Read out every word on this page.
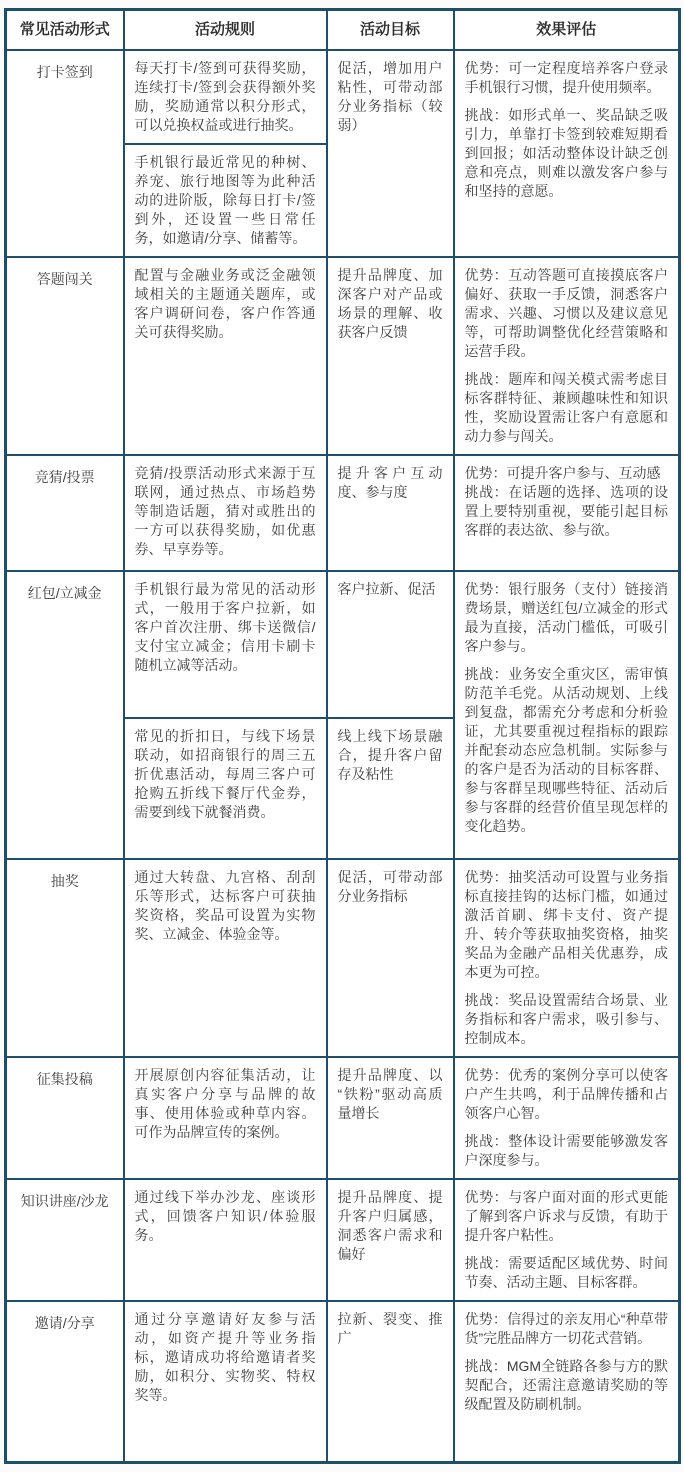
常见活动形式	活动规则	活动目标	效果评估
打卡签到	每天打卡/签到可获得奖励，连续打卡/签到会获得额外奖励，奖励通常以积分形式，可以兑换权益或进行抽奖。	促活，增加用户粘性，可带动部分业务指标（较弱）	优势：可一定程度培养客户登录手机银行习惯，提升使用频率。

挑战：如形式单一、奖品缺乏吸引力，单靠打卡签到较难短期看到回报；如活动整体设计缺乏创意和亮点，则难以激发客户参与和坚持的意愿。

	手机银行最近常见的种树、养宠、旅行地图等为此种活动的进阶版，除每日打卡/签到外，还设置一些日常任务，如邀请/分享、储蓄等。		
答题闯关	配置与金融业务或泛金融领域相关的主题通关题库，或客户调研问卷，客户作答通关可获得奖励。	提升品牌度、加深客户对产品或场景的理解、收获客户反馈	优势：互动答题可直接摸底客户偏好、获取一手反馈，洞悉客户需求、兴趣、习惯以及建议意见等，可帮助调整优化经营策略和运营手段。

挑战：题库和闯关模式需考虑目标客群特征、兼顾趣味性和知识性，奖励设置需让客户有意愿和动力参与闯关。

竞猜/投票	竞猜/投票活动形式来源于互联网，通过热点、市场趋势等制造话题，猜对或胜出的一方可以获得奖励，如优惠券、早享券等。	提升客户互动度、参与度	优势：可提升客户参与、互动感

挑战：在话题的选择、选项的设置上要特别重视，要能引起目标客群的表达欲、参与欲。

红包/立减金	手机银行最为常见的活动形式，一般用于客户拉新，如客户首次注册、绑卡送微信/支付宝立减金；信用卡刷卡随机立减等活动。	客户拉新、促活	优势：银行服务（支付）链接消费场景，赠送红包/立减金的形式最为直接，活动门槛低，可吸引客户参与。

挑战：业务安全重灾区，需审慎防范羊毛党。从活动规划、上线到复盘，都需充分考虑和分析验证，尤其要重视过程指标的跟踪并配套动态应急机制。实际参与的客户是否为活动的目标客群、参与客群呈现哪些特征、活动后参与客群的经营价值呈现怎样的变化趋势。

	常见的折扣日，与线下场景联动，如招商银行的周三五折优惠活动，每周三客户可抢购五折线下餐厅代金券，需要到线下就餐消费。	线上线下场景融合，提升客户留存及粘性	
抽奖	通过大转盘、九宫格、刮刮乐等形式，达标客户可获抽奖资格，奖品可设置为实物奖、立减金、体验金等。	促活，可带动部分业务指标	优势：抽奖活动可设置与业务指标直接挂钩的达标门槛，如通过激活首刷、绑卡支付、资产提升、转介等获取抽奖资格，抽奖奖品为金融产品相关优惠券，成本更为可控。

挑战：奖品设置需结合场景、业务指标和客户需求，吸引参与、控制成本。

征集投稿	开展原创内容征集活动，让真实客户分享与品牌的故事、使用体验或种草内容。可作为品牌宣传的案例。	提升品牌度、以“铁粉”驱动高质量增长	优势：优秀的案例分享可以使客户产生共鸣，利于品牌传播和占领客户心智。

挑战：整体设计需要能够激发客户深度参与。

知识讲座/沙龙	通过线下举办沙龙、座谈形式，回馈客户知识/体验服务。	提升品牌度、提升客户归属感，洞悉客户需求和偏好	优势：与客户面对面的形式更能了解到客户诉求与反馈，有助于提升客户粘性。

挑战：需要适配区域优势、时间节奏、活动主题、目标客群。

邀请/分享	通过分享邀请好友参与活动，如资产提升等业务指标，邀请成功将给邀请者奖励，如积分、实物奖、特权奖等。	拉新、裂变、推广	优势：信得过的亲友用心“种草带货”完胜品牌方一切花式营销。

挑战：MGM全链路各参与方的默契配合，还需注意邀请奖励的等级配置及防刷机制。
